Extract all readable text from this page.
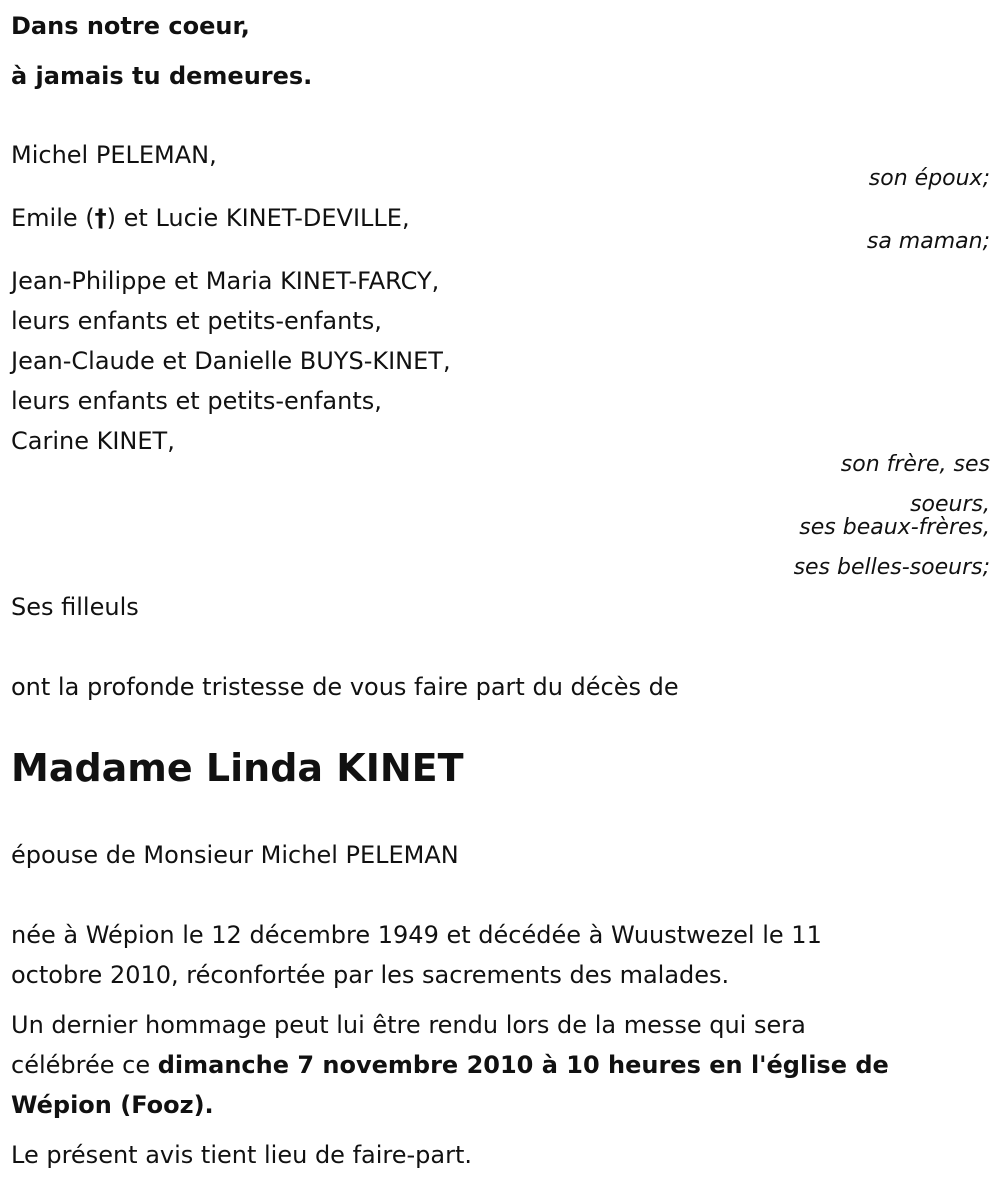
Dans notre coeur,
à jamais tu demeures.
Michel PELEMAN,
son époux;
Emile (†) et Lucie KINET-DEVILLE,
sa maman;
Jean-Philippe et Maria KINET-FARCY,
leurs enfants et petits-enfants,
Jean-Claude et Danielle BUYS-KINET,
leurs enfants et petits-enfants,
Carine KINET,
son frère, ses
soeurs,
ses beaux-frères,
ses belles-soeurs;
Ses filleuls
ont la profonde tristesse de vous faire part du décès de
Madame Linda KINET
épouse de Monsieur Michel PELEMAN
née à Wépion le 12 décembre 1949 et décédée à Wuustwezel le 11
octobre 2010, réconfortée par les sacrements des malades.
Un dernier hommage peut lui être rendu lors de la messe qui sera
célébrée ce dimanche 7 novembre 2010 à 10 heures en l'église de
Wépion (Fooz).
Le présent avis tient lieu de faire-part.
